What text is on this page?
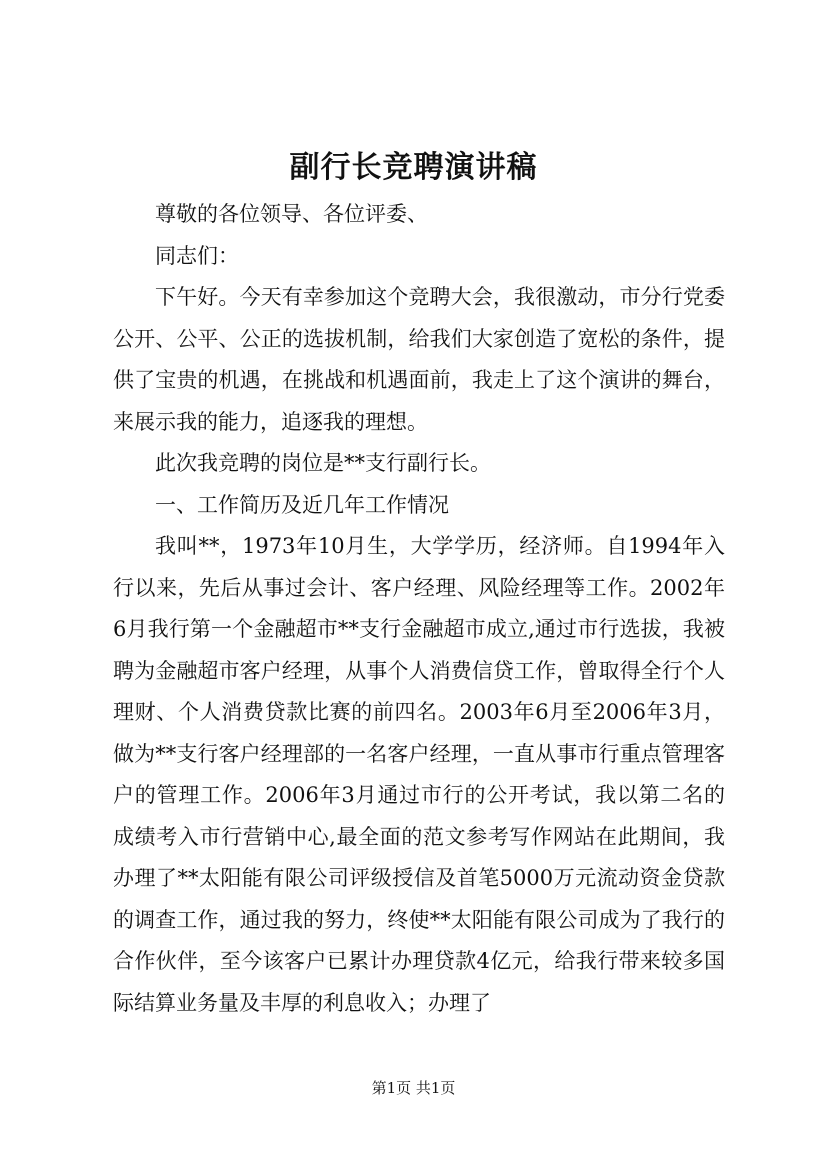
副行长竞聘演讲稿

尊敬的各位领导、各位评委、

同志们：

下午好。今天有幸参加这个竞聘大会，我很激动，市分行党委公开、公平、公正的选拔机制，给我们大家创造了宽松的条件，提供了宝贵的机遇，在挑战和机遇面前，我走上了这个演讲的舞台，来展示我的能力，追逐我的理想。

此次我竞聘的岗位是**支行副行长。

一、工作简历及近几年工作情况

我叫**，1973年10月生，大学学历，经济师。自1994年入行以来，先后从事过会计、客户经理、风险经理等工作。2002年6月我行第一个金融超市**支行金融超市成立,通过市行选拔，我被聘为金融超市客户经理，从事个人消费信贷工作，曾取得全行个人理财、个人消费贷款比赛的前四名。2003年6月至2006年3月，做为**支行客户经理部的一名客户经理，一直从事市行重点管理客户的管理工作。2006年3月通过市行的公开考试，我以第二名的成绩考入市行营销中心,最全面的范文参考写作网站在此期间，我办理了**太阳能有限公司评级授信及首笔5000万元流动资金贷款的调查工作，通过我的努力，终使**太阳能有限公司成为了我行的合作伙伴，至今该客户已累计办理贷款4亿元，给我行带来较多国际结算业务量及丰厚的利息收入；办理了

第1页 共1页
